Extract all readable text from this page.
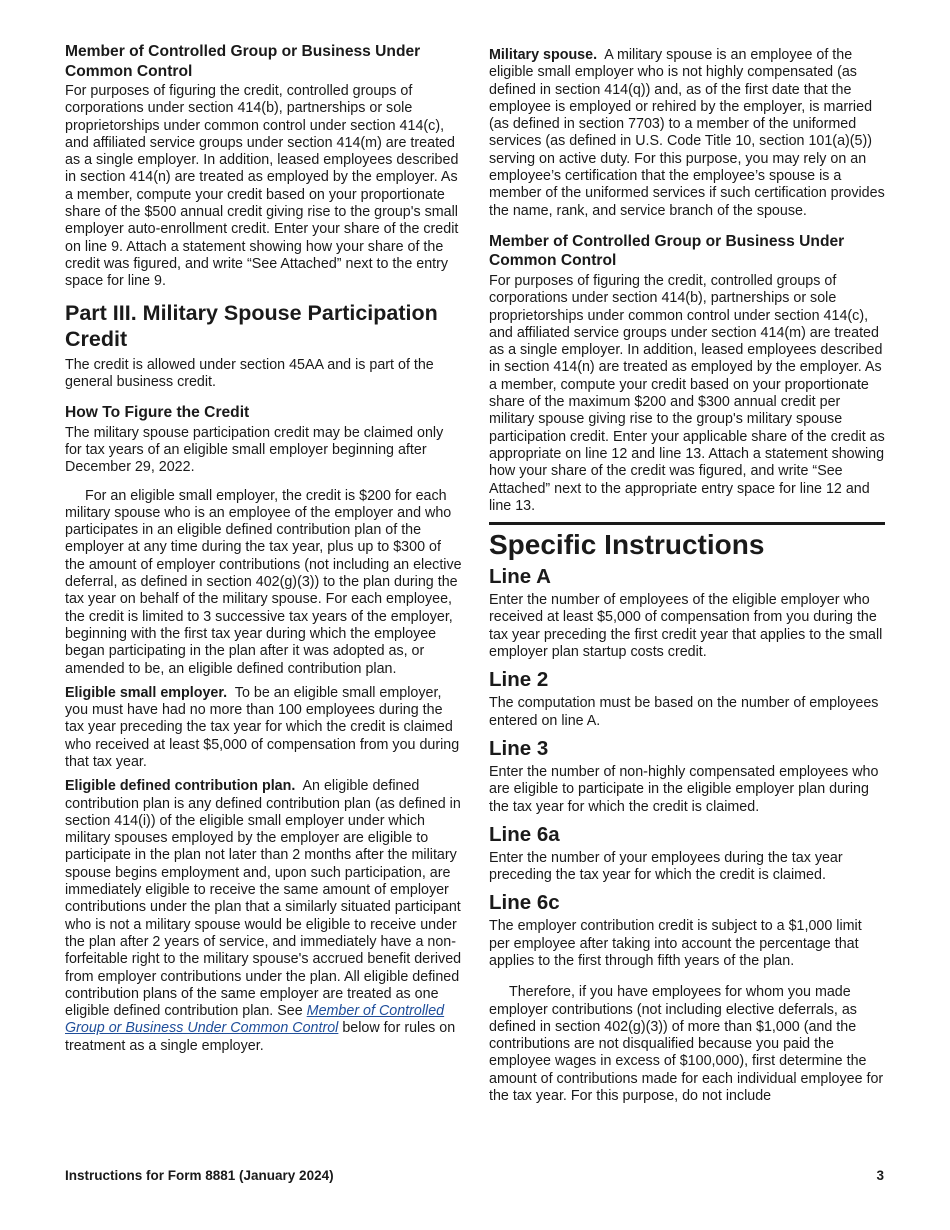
Member of Controlled Group or Business Under Common Control

For purposes of figuring the credit, controlled groups of corporations under section 414(b), partnerships or sole proprietorships under common control under section 414(c), and affiliated service groups under section 414(m) are treated as a single employer. In addition, leased employees described in section 414(n) are treated as employed by the employer. As a member, compute your credit based on your proportionate share of the $500 annual credit giving rise to the group's small employer auto-enrollment credit. Enter your share of the credit on line 9. Attach a statement showing how your share of the credit was figured, and write “See Attached” next to the entry space for line 9.

Part III. Military Spouse Participation Credit

The credit is allowed under section 45AA and is part of the general business credit.

How To Figure the Credit

The military spouse participation credit may be claimed only for tax years of an eligible small employer beginning after December 29, 2022.

For an eligible small employer, the credit is $200 for each military spouse who is an employee of the employer and who participates in an eligible defined contribution plan of the employer at any time during the tax year, plus up to $300 of the amount of employer contributions (not including an elective deferral, as defined in section 402(g)(3)) to the plan during the tax year on behalf of the military spouse. For each employee, the credit is limited to 3 successive tax years of the employer, beginning with the first tax year during which the employee began participating in the plan after it was adopted as, or amended to be, an eligible defined contribution plan.

Eligible small employer. To be an eligible small employer, you must have had no more than 100 employees during the tax year preceding the tax year for which the credit is claimed who received at least $5,000 of compensation from you during that tax year.

Eligible defined contribution plan. An eligible defined contribution plan is any defined contribution plan (as defined in section 414(i)) of the eligible small employer under which military spouses employed by the employer are eligible to participate in the plan not later than 2 months after the military spouse begins employment and, upon such participation, are immediately eligible to receive the same amount of employer contributions under the plan that a similarly situated participant who is not a military spouse would be eligible to receive under the plan after 2 years of service, and immediately have a non-forfeitable right to the military spouse's accrued benefit derived from employer contributions under the plan. All eligible defined contribution plans of the same employer are treated as one eligible defined contribution plan. See Member of Controlled Group or Business Under Common Control below for rules on treatment as a single employer.

Military spouse. A military spouse is an employee of the eligible small employer who is not highly compensated (as defined in section 414(q)) and, as of the first date that the employee is employed or rehired by the employer, is married (as defined in section 7703) to a member of the uniformed services (as defined in U.S. Code Title 10, section 101(a)(5)) serving on active duty. For this purpose, you may rely on an employee’s certification that the employee’s spouse is a member of the uniformed services if such certification provides the name, rank, and service branch of the spouse.

Member of Controlled Group or Business Under Common Control

For purposes of figuring the credit, controlled groups of corporations under section 414(b), partnerships or sole proprietorships under common control under section 414(c), and affiliated service groups under section 414(m) are treated as a single employer. In addition, leased employees described in section 414(n) are treated as employed by the employer. As a member, compute your credit based on your proportionate share of the maximum $200 and $300 annual credit per military spouse giving rise to the group's military spouse participation credit. Enter your applicable share of the credit as appropriate on line 12 and line 13. Attach a statement showing how your share of the credit was figured, and write “See Attached” next to the appropriate entry space for line 12 and line 13.

Specific Instructions
Line A

Enter the number of employees of the eligible employer who received at least $5,000 of compensation from you during the tax year preceding the first credit year that applies to the small employer plan startup costs credit.

Line 2

The computation must be based on the number of employees entered on line A.

Line 3

Enter the number of non-highly compensated employees who are eligible to participate in the eligible employer plan during the tax year for which the credit is claimed.

Line 6a

Enter the number of your employees during the tax year preceding the tax year for which the credit is claimed.

Line 6c

The employer contribution credit is subject to a $1,000 limit per employee after taking into account the percentage that applies to the first through fifth years of the plan.

Therefore, if you have employees for whom you made employer contributions (not including elective deferrals, as defined in section 402(g)(3)) of more than $1,000 (and the contributions are not disqualified because you paid the employee wages in excess of $100,000), first determine the amount of contributions made for each individual employee for the tax year. For this purpose, do not include

Instructions for Form 8881 (January 2024)	3
